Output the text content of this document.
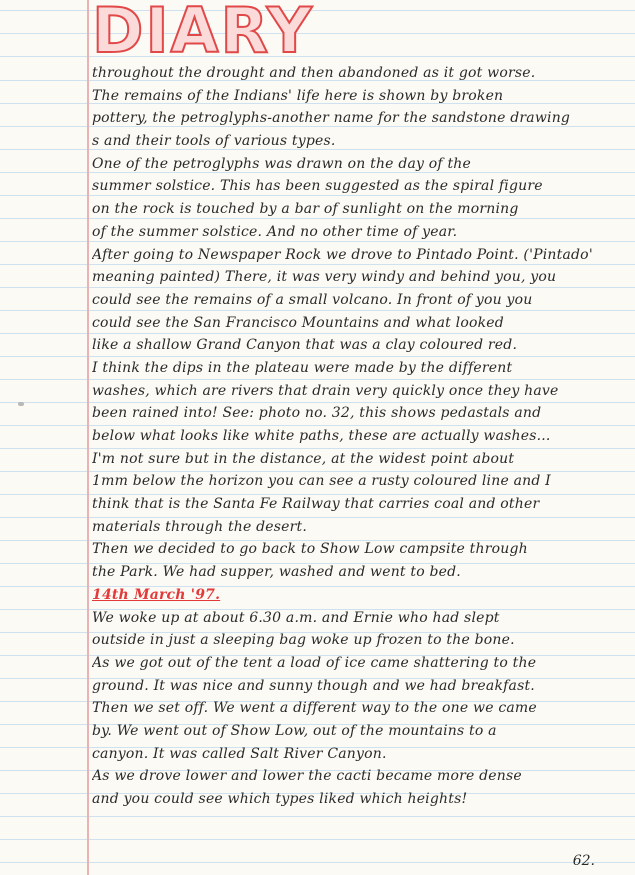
DIARY
throughout the drought and then abandoned as it got worse.
The remains of the Indians' life here is shown by broken
pottery, the petroglyphs-another name for the sandstone drawing
s and their tools of various types.
One of the petroglyphs was drawn on the day of the
summer solstice. This has been suggested as the spiral figure
on the rock is touched by a bar of sunlight on the morning
of the summer solstice. And no other time of year.
After going to Newspaper Rock we drove to Pintado Point. ('Pintado'
meaning painted) There, it was very windy and behind you, you
could see the remains of a small volcano. In front of you you
could see the San Francisco Mountains and what looked
like a shallow Grand Canyon that was a clay coloured red.
I think the dips in the plateau were made by the different
washes, which are rivers that drain very quickly once they have
been rained into! See: photo no. 32, this shows pedastals and
below what looks like white paths, these are actually washes...
I'm not sure but in the distance, at the widest point about
1mm below the horizon you can see a rusty coloured line and I
think that is the Santa Fe Railway that carries coal and other
materials through the desert.
Then we decided to go back to Show Low campsite through
the Park. We had supper, washed and went to bed.
14th March '97.
We woke up at about 6.30 a.m. and Ernie who had slept
outside in just a sleeping bag woke up frozen to the bone.
As we got out of the tent a load of ice came shattering to the
ground. It was nice and sunny though and we had breakfast.
Then we set off. We went a different way to the one we came
by. We went out of Show Low, out of the mountains to a
canyon. It was called Salt River Canyon.
As we drove lower and lower the cacti became more dense
and you could see which types liked which heights!
62.
